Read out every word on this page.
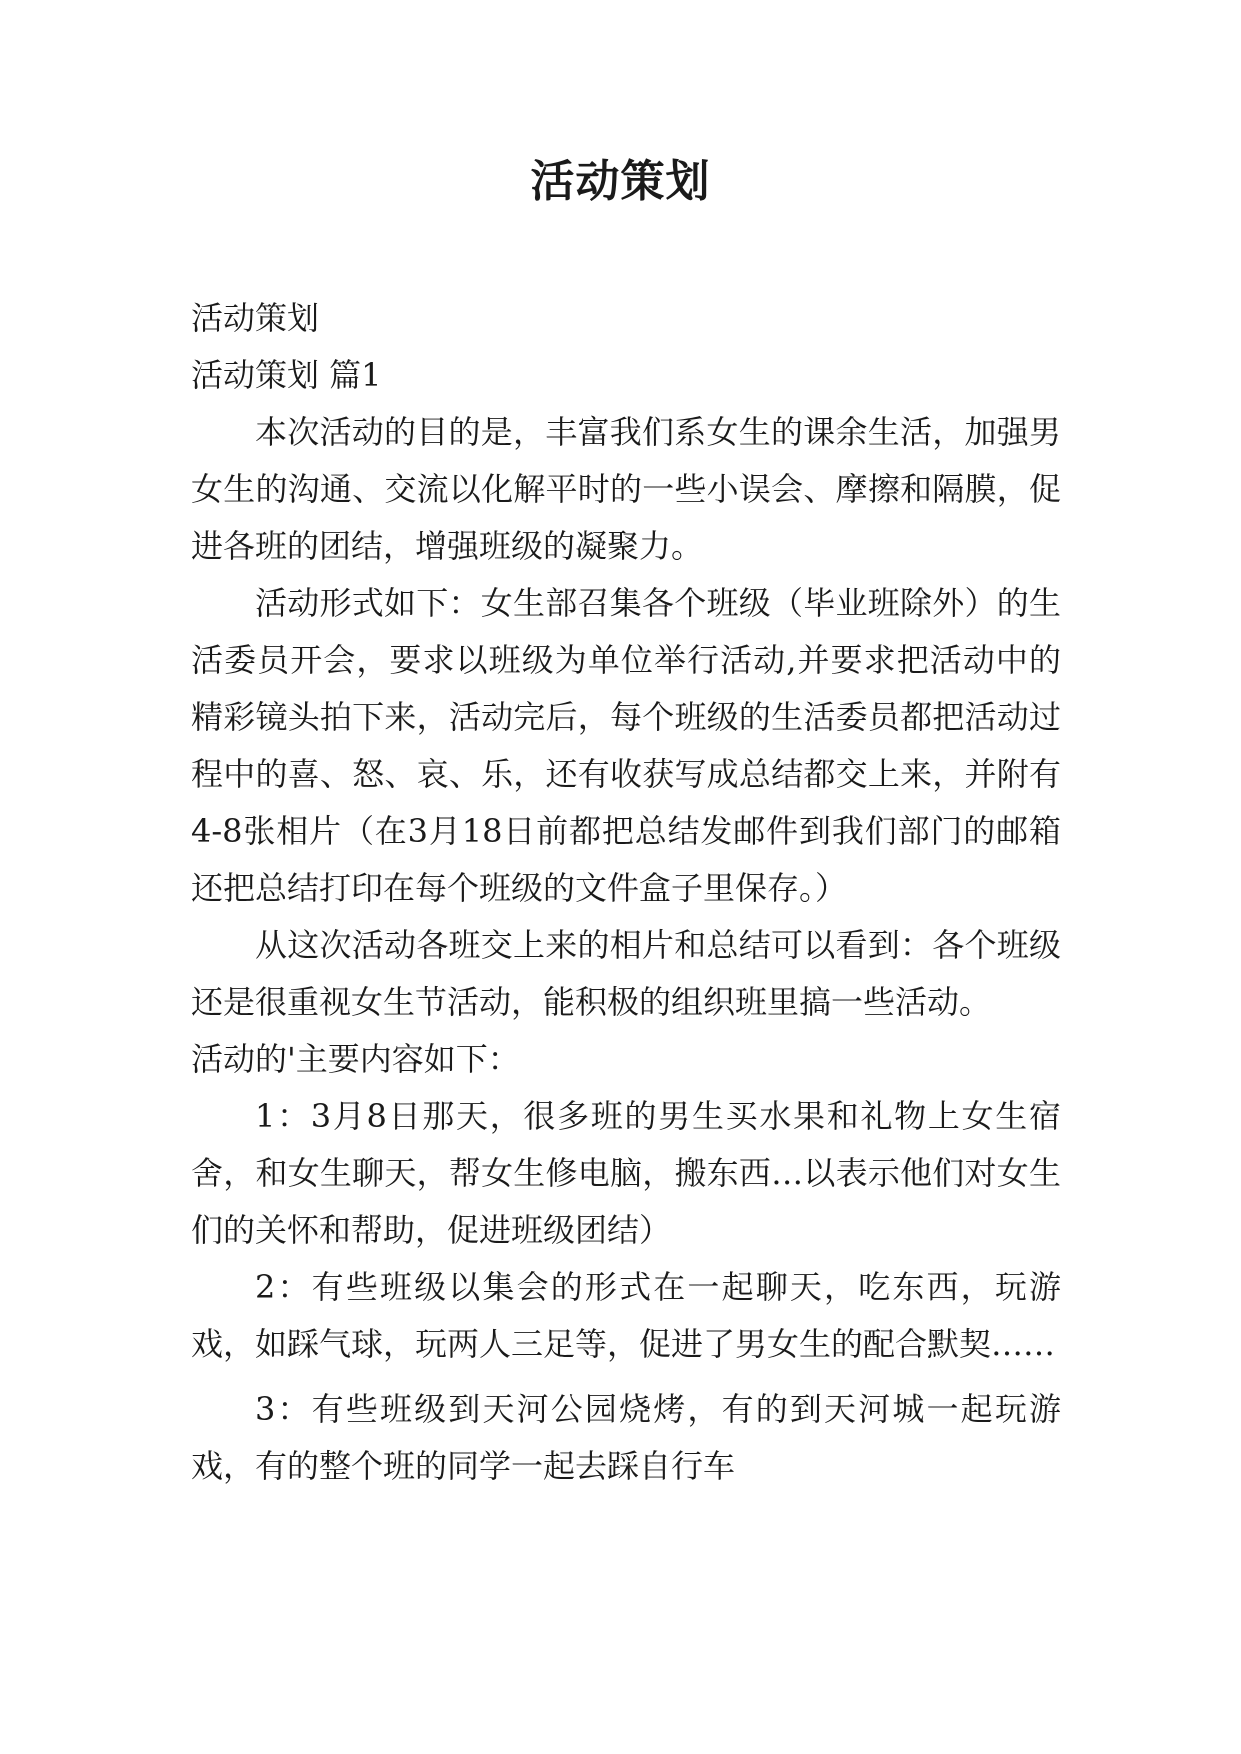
活动策划

活动策划

活动策划 篇1

本次活动的目的是，丰富我们系女生的课余生活，加强男女生的沟通、交流以化解平时的一些小误会、摩擦和隔膜，促进各班的团结，增强班级的凝聚力。

活动形式如下：女生部召集各个班级（毕业班除外）的生活委员开会，要求以班级为单位举行活动,并要求把活动中的精彩镜头拍下来，活动完后，每个班级的生活委员都把活动过程中的喜、怒、哀、乐，还有收获写成总结都交上来，并附有4-8张相片（在3月18日前都把总结发邮件到我们部门的邮箱还把总结打印在每个班级的文件盒子里保存。）

从这次活动各班交上来的相片和总结可以看到：各个班级还是很重视女生节活动，能积极的组织班里搞一些活动。

活动的'主要内容如下：

1：3月8日那天，很多班的男生买水果和礼物上女生宿舍，和女生聊天，帮女生修电脑，搬东西…以表示他们对女生们的关怀和帮助，促进班级团结）

2：有些班级以集会的形式在一起聊天，吃东西，玩游戏，如踩气球，玩两人三足等，促进了男女生的配合默契……

3：有些班级到天河公园烧烤，有的到天河城一起玩游戏，有的整个班的同学一起去踩自行车
